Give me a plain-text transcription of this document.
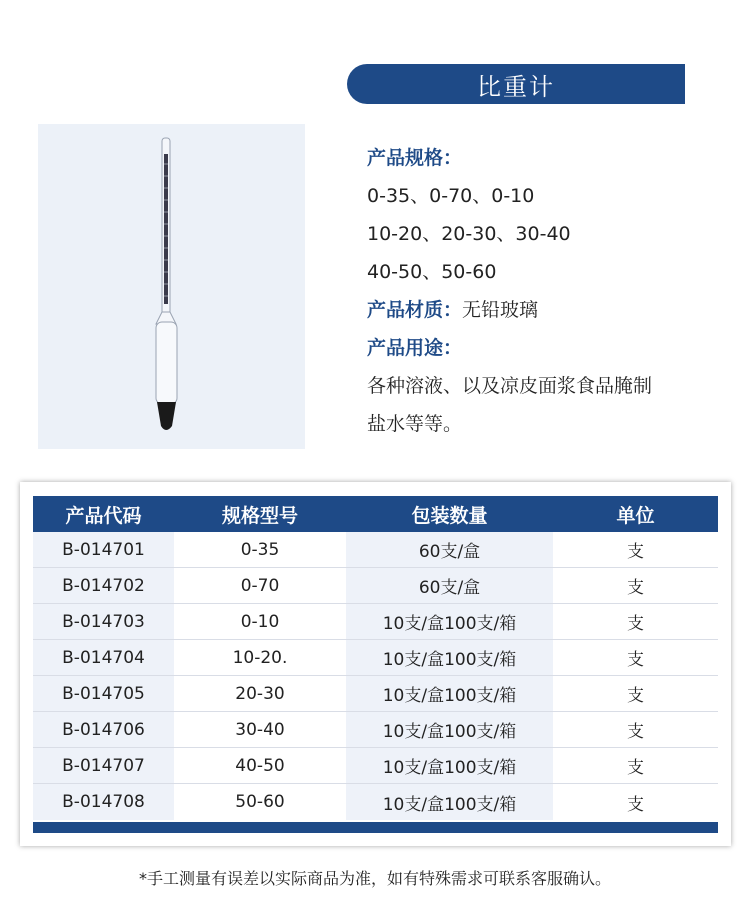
比重计
产品规格：
0-35、0-70、0-10
10-20、20-30、30-40
40-50、50-60
产品材质：无铅玻璃
产品用途：
各种溶液、以及凉皮面浆食品腌制
盐水等等。
产品代码	规格型号	包装数量	单位
B-014701	0-35	60支/盒	支
B-014702	0-70	60支/盒	支
B-014703	0-10	10支/盒100支/箱	支
B-014704	10-20.	10支/盒100支/箱	支
B-014705	20-30	10支/盒100支/箱	支
B-014706	30-40	10支/盒100支/箱	支
B-014707	40-50	10支/盒100支/箱	支
B-014708	50-60	10支/盒100支/箱	支
*手工测量有误差以实际商品为准，如有特殊需求可联系客服确认。
